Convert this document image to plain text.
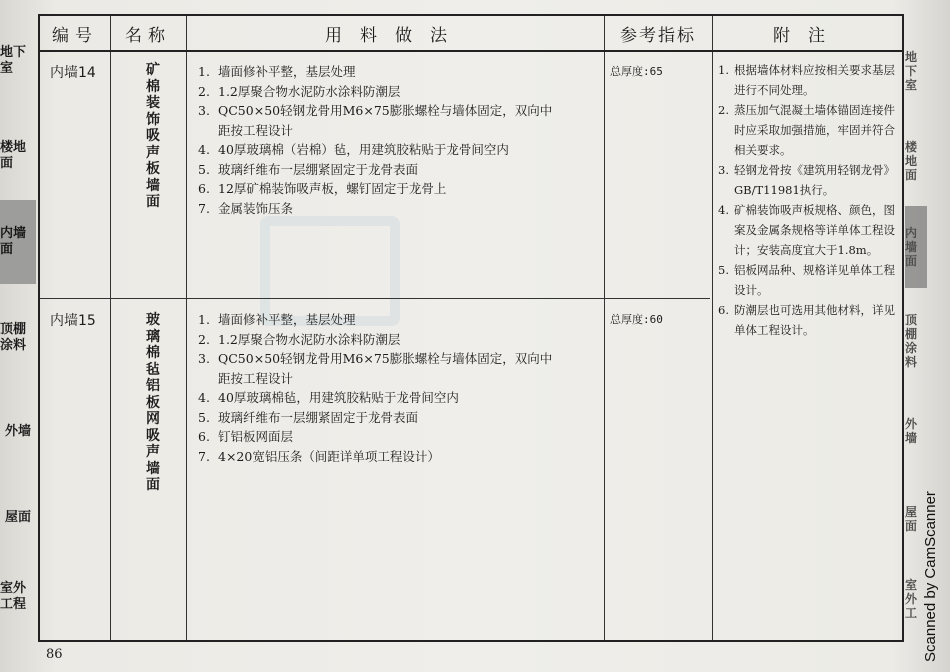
地下室
楼地面
内墙面
顶棚涂料
外墙
屋面
室外工程
地下室
楼地面
内墙面
顶棚涂料
外墙
屋面
室外工
编号	名称	用料做法	参考指标	附注
内墙14	矿棉装饰吸声板墙面
1. 墙面修补平整，基层处理
2. 1.2厚聚合物水泥防水涂料防潮层
3. QC50×50轻钢龙骨用M6×75膨胀螺栓与墙体固定，双向中距按工程设计
4. 40厚玻璃棉（岩棉）毡，用建筑胶粘贴于龙骨间空内
5. 玻璃纤维布一层绷紧固定于龙骨表面
6. 12厚矿棉装饰吸声板，螺钉固定于龙骨上
7. 金属装饰压条
总厚度:65
内墙15	玻璃棉毡铝板网吸声墙面
1. 墙面修补平整，基层处理
2. 1.2厚聚合物水泥防水涂料防潮层
3. QC50×50轻钢龙骨用M6×75膨胀螺栓与墙体固定，双向中距按工程设计
4. 40厚玻璃棉毡，用建筑胶粘贴于龙骨间空内
5. 玻璃纤维布一层绷紧固定于龙骨表面
6. 钉铝板网面层
7. 4×20宽铝压条（间距详单项工程设计）
总厚度:60
1. 根据墙体材料应按相关要求基层进行不同处理。
2. 蒸压加气混凝土墙体锚固连接件时应采取加强措施，牢固并符合相关要求。
3. 轻钢龙骨按《建筑用轻钢龙骨》GB/T11981执行。
4. 矿棉装饰吸声板规格、颜色，图案及金属条规格等详单体工程设计；安装高度宜大于1.8m。
5. 铝板网品种、规格详见单体工程设计。
6. 防潮层也可选用其他材料，详见单体工程设计。
86	Scanned by CamScanner
